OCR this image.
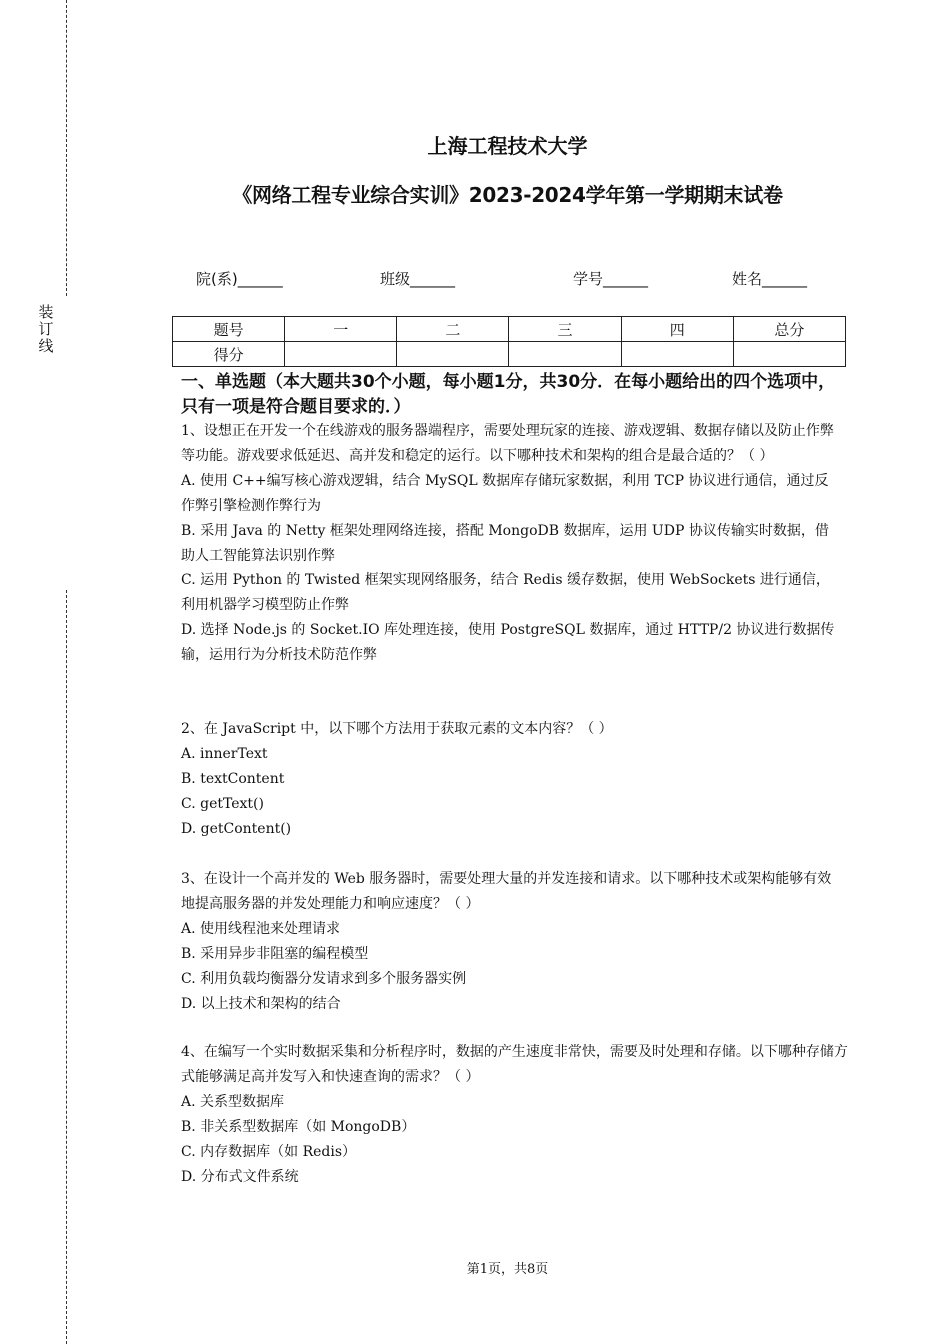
装订线
上海工程技术大学
《网络工程专业综合实训》2023-2024学年第一学期期末试卷
院(系)______	班级______	学号______	姓名______
题号	一	二	三	四	总分
得分					
一、单选题（本大题共30个小题，每小题1分，共30分．在每小题给出的四个选项中，只有一项是符合题目要求的．）

1、设想正在开发一个在线游戏的服务器端程序，需要处理玩家的连接、游戏逻辑、数据存储以及防止作弊等功能。游戏要求低延迟、高并发和稳定的运行。以下哪种技术和架构的组合是最合适的？（ ）

A. 使用 C++编写核心游戏逻辑，结合 MySQL 数据库存储玩家数据，利用 TCP 协议进行通信，通过反作弊引擎检测作弊行为

B. 采用 Java 的 Netty 框架处理网络连接，搭配 MongoDB 数据库，运用 UDP 协议传输实时数据，借助人工智能算法识别作弊

C. 运用 Python 的 Twisted 框架实现网络服务，结合 Redis 缓存数据，使用 WebSockets 进行通信，利用机器学习模型防止作弊

D. 选择 Node.js 的 Socket.IO 库处理连接，使用 PostgreSQL 数据库，通过 HTTP/2 协议进行数据传输，运用行为分析技术防范作弊

2、在 JavaScript 中，以下哪个方法用于获取元素的文本内容？（ ）

A. innerText

B. textContent

C. getText()

D. getContent()

3、在设计一个高并发的 Web 服务器时，需要处理大量的并发连接和请求。以下哪种技术或架构能够有效地提高服务器的并发处理能力和响应速度？（ ）

A. 使用线程池来处理请求

B. 采用异步非阻塞的编程模型

C. 利用负载均衡器分发请求到多个服务器实例

D. 以上技术和架构的结合

4、在编写一个实时数据采集和分析程序时，数据的产生速度非常快，需要及时处理和存储。以下哪种存储方式能够满足高并发写入和快速查询的需求？（ ）

A. 关系型数据库

B. 非关系型数据库（如 MongoDB）

C. 内存数据库（如 Redis）

D. 分布式文件系统

第1页，共8页
